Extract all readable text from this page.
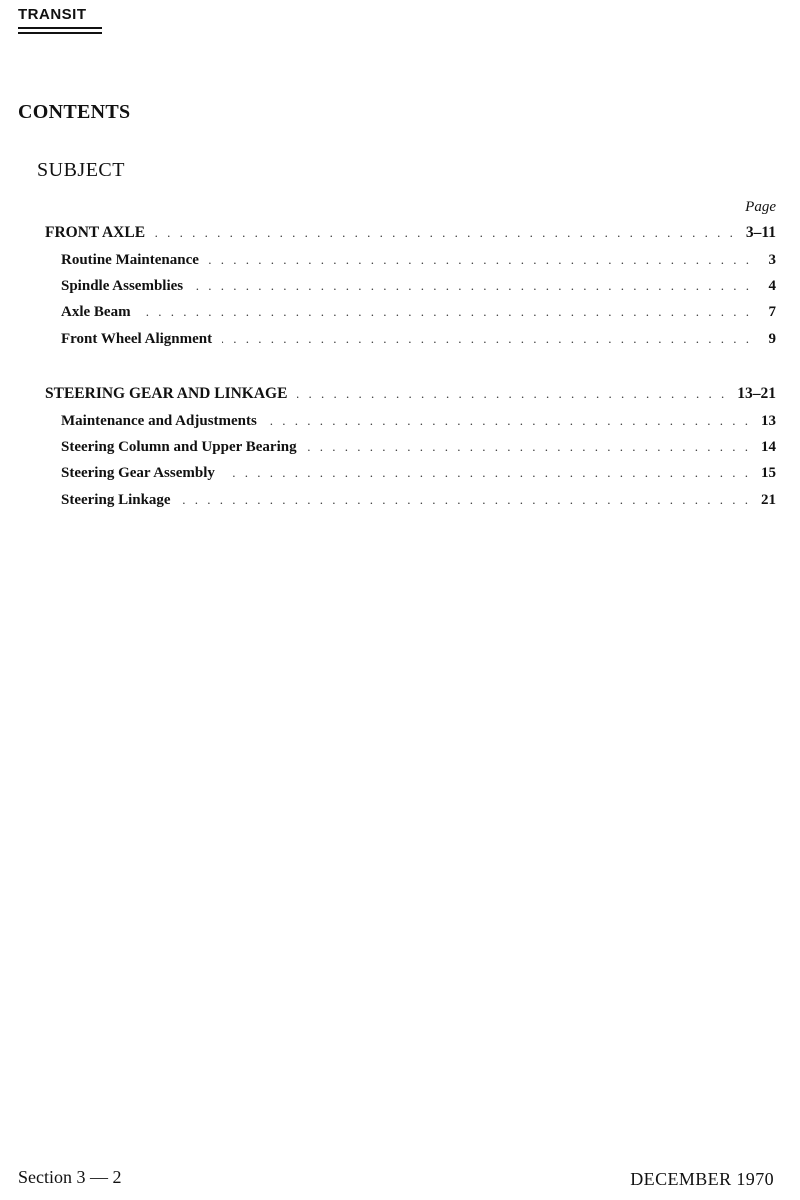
TRANSIT
CONTENTS
SUBJECT
Page
FRONT AXLE . . .	3–11
Routine Maintenance . . .	3
Spindle Assemblies . . .	4
Axle Beam . . .	7
Front Wheel Alignment . . .	9
STEERING GEAR AND LINKAGE . . .	13–21
Maintenance and Adjustments . . .	13
Steering Column and Upper Bearing . . .	14
Steering Gear Assembly . . .	15
Steering Linkage . . .	21
Section 3 — 2	DECEMBER 1970
